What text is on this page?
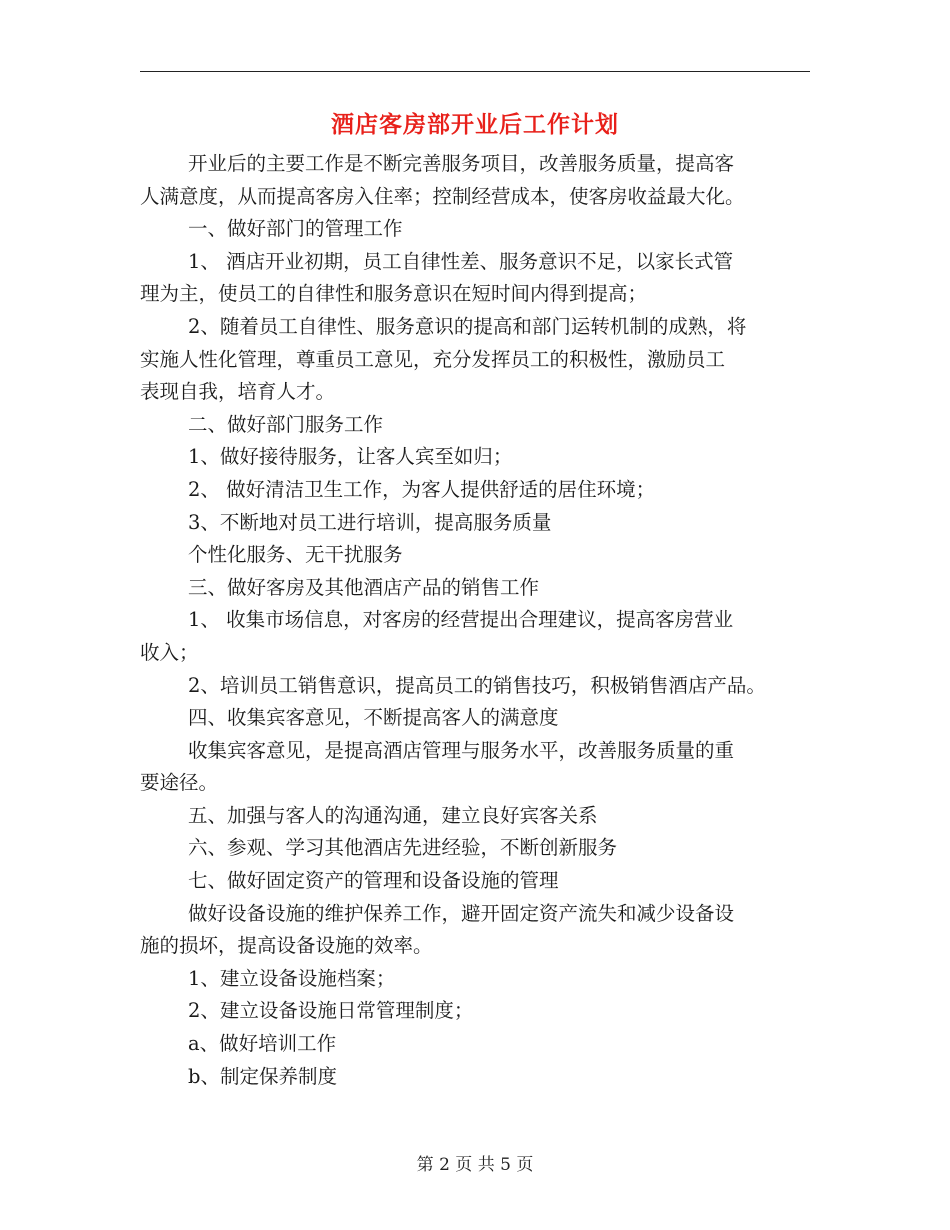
酒店客房部开业后工作计划

开业后的主要工作是不断完善服务项目，改善服务质量，提高客

人满意度，从而提高客房入住率；控制经营成本，使客房收益最大化。

一、做好部门的管理工作

1、 酒店开业初期，员工自律性差、服务意识不足，以家长式管

理为主，使员工的自律性和服务意识在短时间内得到提高；

2、随着员工自律性、服务意识的提高和部门运转机制的成熟，将

实施人性化管理，尊重员工意见，充分发挥员工的积极性，激励员工

表现自我，培育人才。

二、做好部门服务工作

1、做好接待服务，让客人宾至如归；

2、 做好清洁卫生工作，为客人提供舒适的居住环境；

3、不断地对员工进行培训，提高服务质量

个性化服务、无干扰服务

三、做好客房及其他酒店产品的销售工作

1、 收集市场信息，对客房的经营提出合理建议，提高客房营业

收入；

2、培训员工销售意识，提高员工的销售技巧，积极销售酒店产品。

四、收集宾客意见，不断提高客人的满意度

收集宾客意见，是提高酒店管理与服务水平，改善服务质量的重

要途径。

五、加强与客人的沟通沟通，建立良好宾客关系

六、参观、学习其他酒店先进经验，不断创新服务

七、做好固定资产的管理和设备设施的管理

做好设备设施的维护保养工作，避开固定资产流失和减少设备设

施的损坏，提高设备设施的效率。

1、建立设备设施档案；

2、建立设备设施日常管理制度；

a、做好培训工作

b、制定保养制度

第 2 页 共 5 页
